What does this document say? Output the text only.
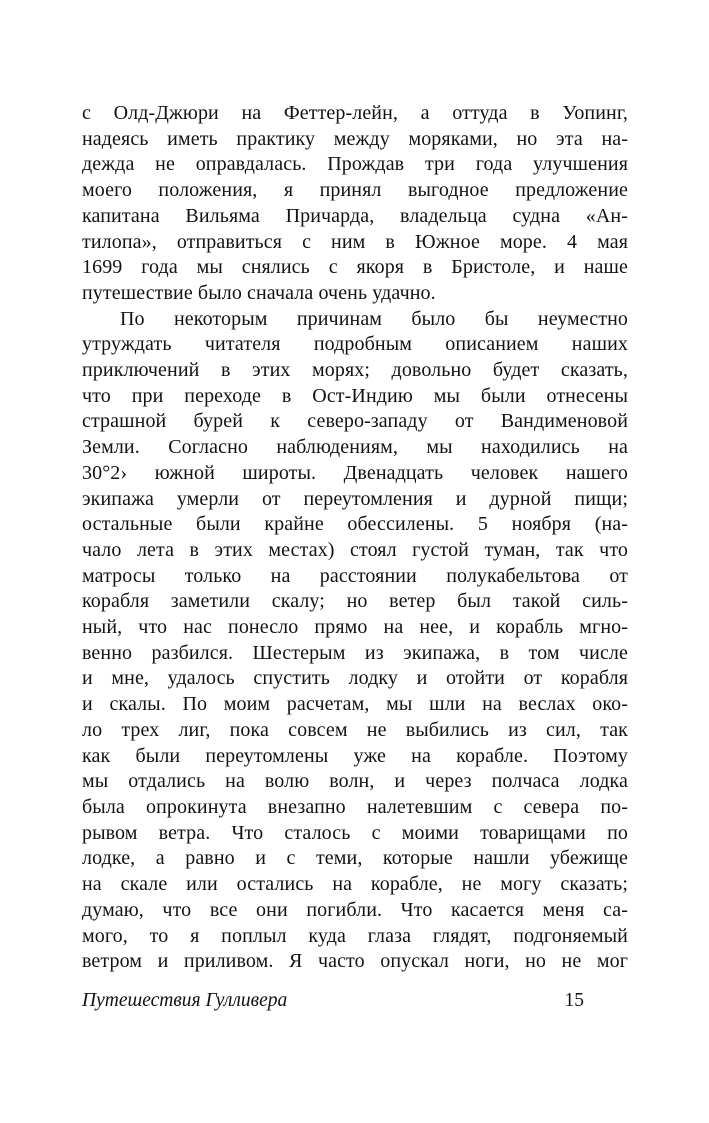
с Олд-Джюри на Феттер-лейн, а оттуда в Уопинг,
надеясь иметь практику между моряками, но эта на-
дежда не оправдалась. Прождав три года улучшения
моего положения, я принял выгодное предложение
капитана Вильяма Причарда, владельца судна «Ан-
тилопа», отправиться с ним в Южное море. 4 мая
1699 года мы снялись с якоря в Бристоле, и наше
путешествие было сначала очень удачно.
По некоторым причинам было бы неуместно
утруждать читателя подробным описанием наших
приключений в этих морях; довольно будет сказать,
что при переходе в Ост-Индию мы были отнесены
страшной бурей к северо-западу от Вандименовой
Земли. Согласно наблюдениям, мы находились на
30°2› южной широты. Двенадцать человек нашего
экипажа умерли от переутомления и дурной пищи;
остальные были крайне обессилены. 5 ноября (на-
чало лета в этих местах) стоял густой туман, так что
матросы только на расстоянии полукабельтова от
корабля заметили скалу; но ветер был такой силь-
ный, что нас понесло прямо на нее, и корабль мгно-
венно разбился. Шестерым из экипажа, в том числе
и мне, удалось спустить лодку и отойти от корабля
и скалы. По моим расчетам, мы шли на веслах око-
ло трех лиг, пока совсем не выбились из сил, так
как были переутомлены уже на корабле. Поэтому
мы отдались на волю волн, и через полчаса лодка
была опрокинута внезапно налетевшим с севера по-
рывом ветра. Что сталось с моими товарищами по
лодке, а равно и с теми, которые нашли убежище
на скале или остались на корабле, не могу сказать;
думаю, что все они погибли. Что касается меня са-
мого, то я поплыл куда глаза глядят, подгоняемый
ветром и приливом. Я часто опускал ноги, но не мог
Путешествия Гулливера	15
